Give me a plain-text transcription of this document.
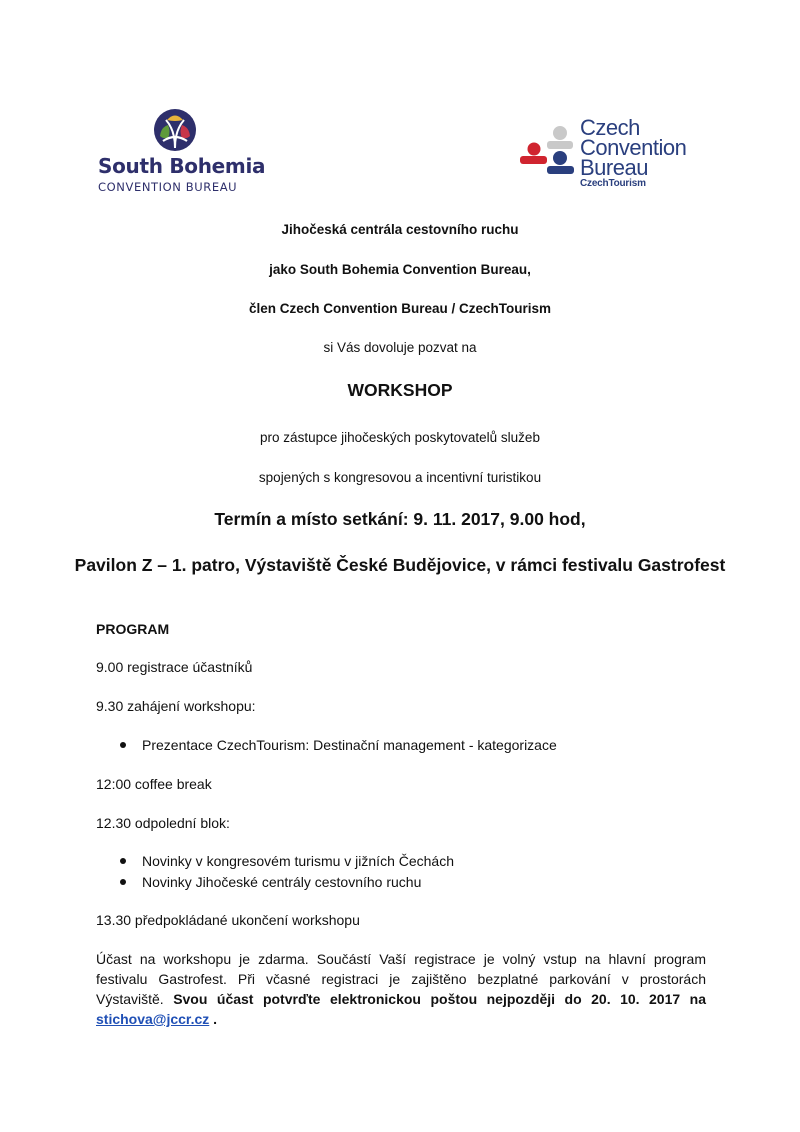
South Bohemia
CONVENTION BUREAU
Czech
Convention
Bureau
CzechTourism
Jihočeská centrála cestovního ruchu
jako South Bohemia Convention Bureau,
člen Czech Convention Bureau / CzechTourism
si Vás dovoluje pozvat na
WORKSHOP
pro zástupce jihočeských poskytovatelů služeb
spojených s kongresovou a incentivní turistikou
Termín a místo setkání: 9. 11. 2017, 9.00 hod,
Pavilon Z – 1. patro, Výstaviště České Budějovice, v rámci festivalu Gastrofest
PROGRAM
9.00 registrace účastníků
9.30 zahájení workshopu:
Prezentace CzechTourism: Destinační management - kategorizace
12:00 coffee break
12.30 odpolední blok:
Novinky v kongresovém turismu v jižních Čechách
Novinky Jihočeské centrály cestovního ruchu
13.30 předpokládané ukončení workshopu
Účast na workshopu je zdarma. Součástí Vaší registrace je volný vstup na hlavní program festivalu Gastrofest. Při včasné registraci je zajištěno bezplatné parkování v prostorách Výstaviště. Svou účast potvrďte elektronickou poštou nejpozději do 20. 10. 2017 na stichova@jccr.cz .
